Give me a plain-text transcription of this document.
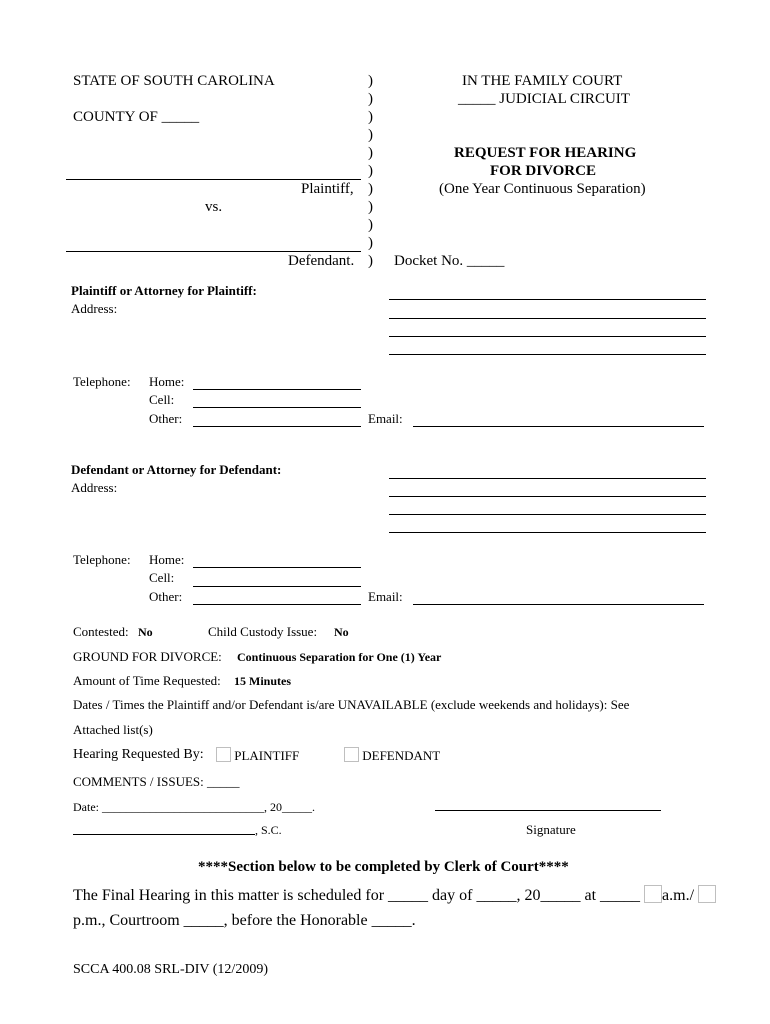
STATE OF SOUTH CAROLINA
COUNTY OF _____
Plaintiff,
vs.
Defendant.
)
)
)
)
)
)
)
)
)
)
)
IN THE FAMILY COURT
_____ JUDICIAL CIRCUIT
REQUEST FOR HEARING
FOR DIVORCE
(One Year Continuous Separation)
Docket No. _____
Plaintiff or Attorney for Plaintiff:
Address:
Telephone: Home:
Cell:
Other:	Email:
Defendant or Attorney for Defendant:
Address:
Telephone: Home:
Cell:
Other:	Email:
Contested: No	Child Custody Issue: No
GROUND FOR DIVORCE: Continuous Separation for One (1) Year
Amount of Time Requested: 15 Minutes
Dates / Times the Plaintiff and/or Defendant is/are UNAVAILABLE (exclude weekends and holidays): See
Attached list(s)
Hearing Requested By:	PLAINTIFF	DEFENDANT
COMMENTS / ISSUES: _____
Date: ___________________________, 20_____.
, S.C.	Signature
****Section below to be completed by Clerk of Court****
The Final Hearing in this matter is scheduled for _____ day of _____, 20_____ at _____ a.m./
p.m., Courtroom _____, before the Honorable _____.
SCCA 400.08 SRL-DIV (12/2009)
